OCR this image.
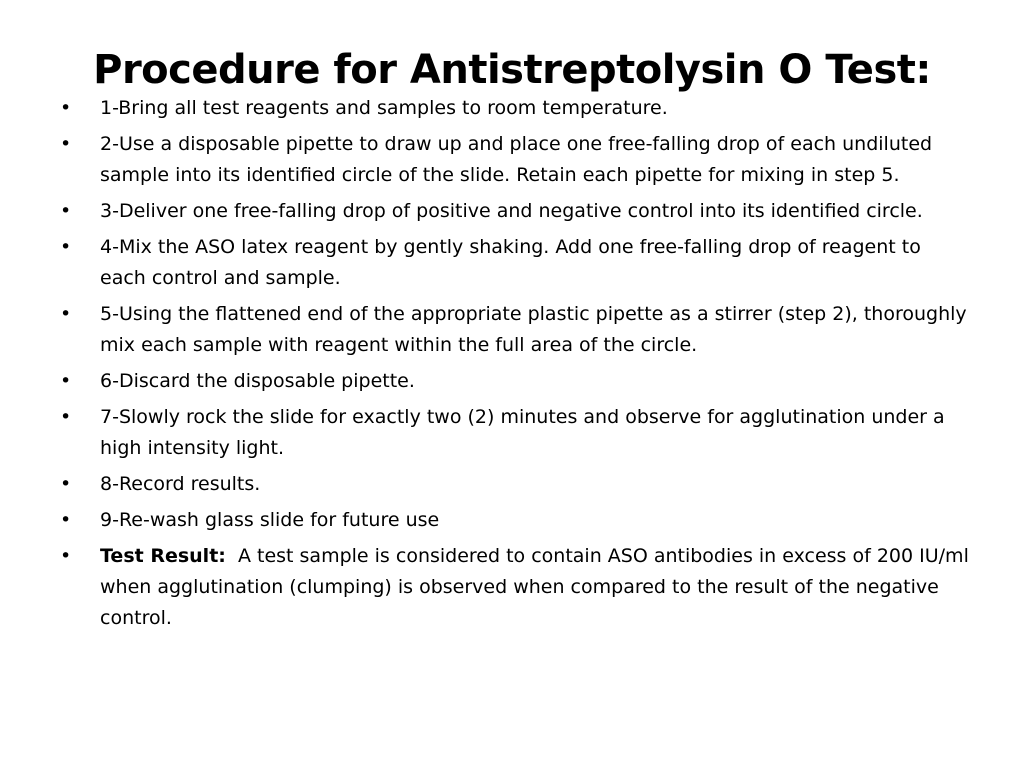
Procedure for Antistreptolysin O Test:
•	1-Bring all test reagents and samples to room temperature.
•	2-Use a disposable pipette to draw up and place one free-falling drop of each undiluted sample into its identified circle of the slide. Retain each pipette for mixing in step 5.
•	3-Deliver one free-falling drop of positive and negative control into its identified circle.
•	4-Mix the ASO latex reagent by gently shaking. Add one free-falling drop of reagent to each control and sample.
•	5-Using the flattened end of the appropriate plastic pipette as a stirrer (step 2), thoroughly mix each sample with reagent within the full area of the circle.
•	6-Discard the disposable pipette.
•	7-Slowly rock the slide for exactly two (2) minutes and observe for agglutination under a high intensity light.
•	8-Record results.
•	9-Re-wash glass slide for future use
•	Test Result: A test sample is considered to contain ASO antibodies in excess of 200 IU/ml when agglutination (clumping) is observed when compared to the result of the negative control.
